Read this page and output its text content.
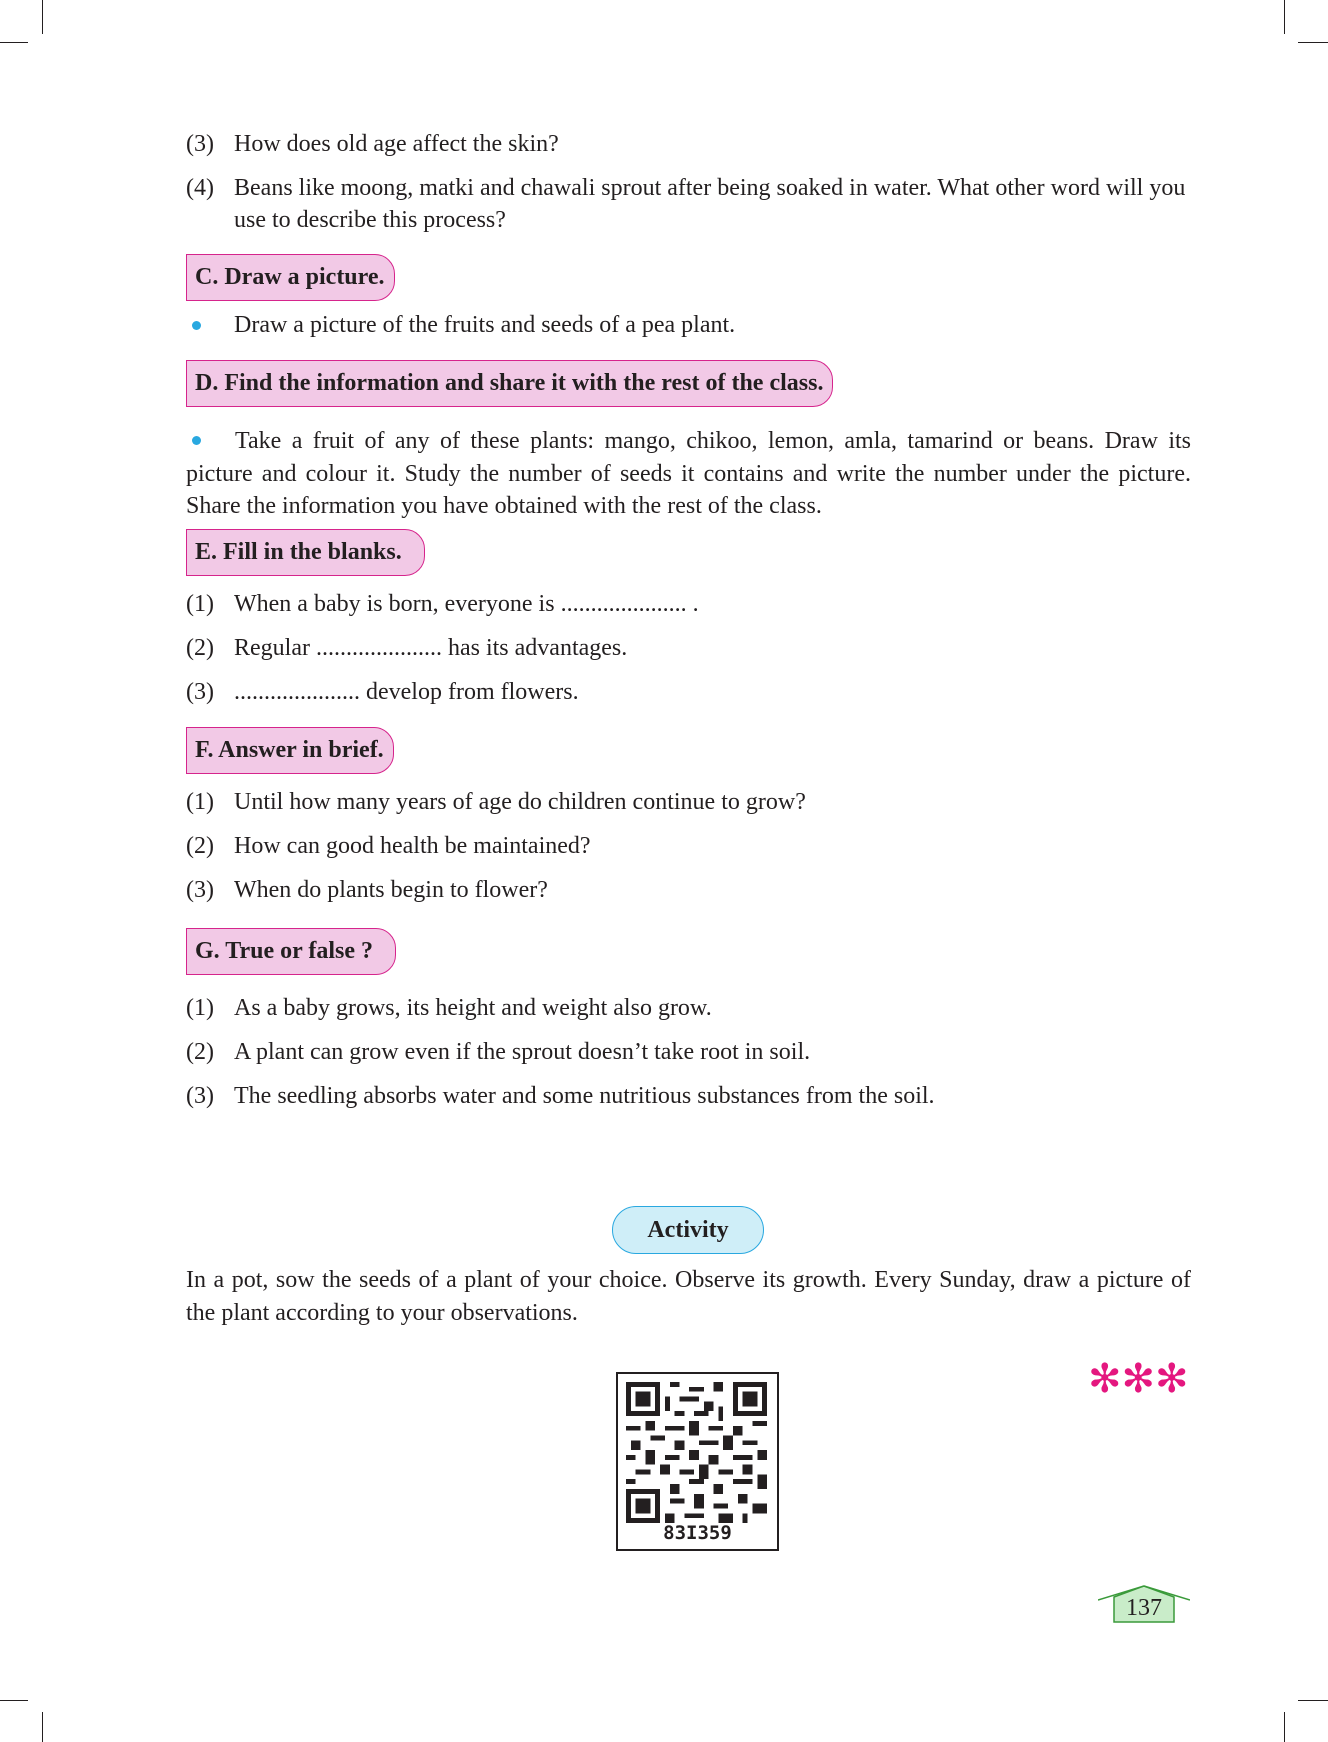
(3) How does old age affect the skin?
(4) Beans like moong, matki and chawali sprout after being soaked in water. What other word will you use to describe this process?
C. Draw a picture.
Draw a picture of the fruits and seeds of a pea plant.
D. Find the information and share it with the rest of the class.
Take a fruit of any of these plants: mango, chikoo, lemon, amla, tamarind or beans. Draw its picture and colour it. Study the number of seeds it contains and write the number under the picture. Share the information you have obtained with the rest of the class.
E. Fill in the blanks.
(1) When a baby is born, everyone is ..................... .
(2) Regular ..................... has its advantages.
(3) ..................... develop from flowers.
F. Answer in brief.
(1) Until how many years of age do children continue to grow?
(2) How can good health be maintained?
(3) When do plants begin to flower?
G. True or false ?
(1) As a baby grows, its height and weight also grow.
(2) A plant can grow even if the sprout doesn’t take root in soil.
(3) The seedling absorbs water and some nutritious substances from the soil.
Activity
In a pot, sow the seeds of a plant of your choice. Observe its growth. Every Sunday, draw a picture of the plant according to your observations.
✻✻✻
83I359
137
